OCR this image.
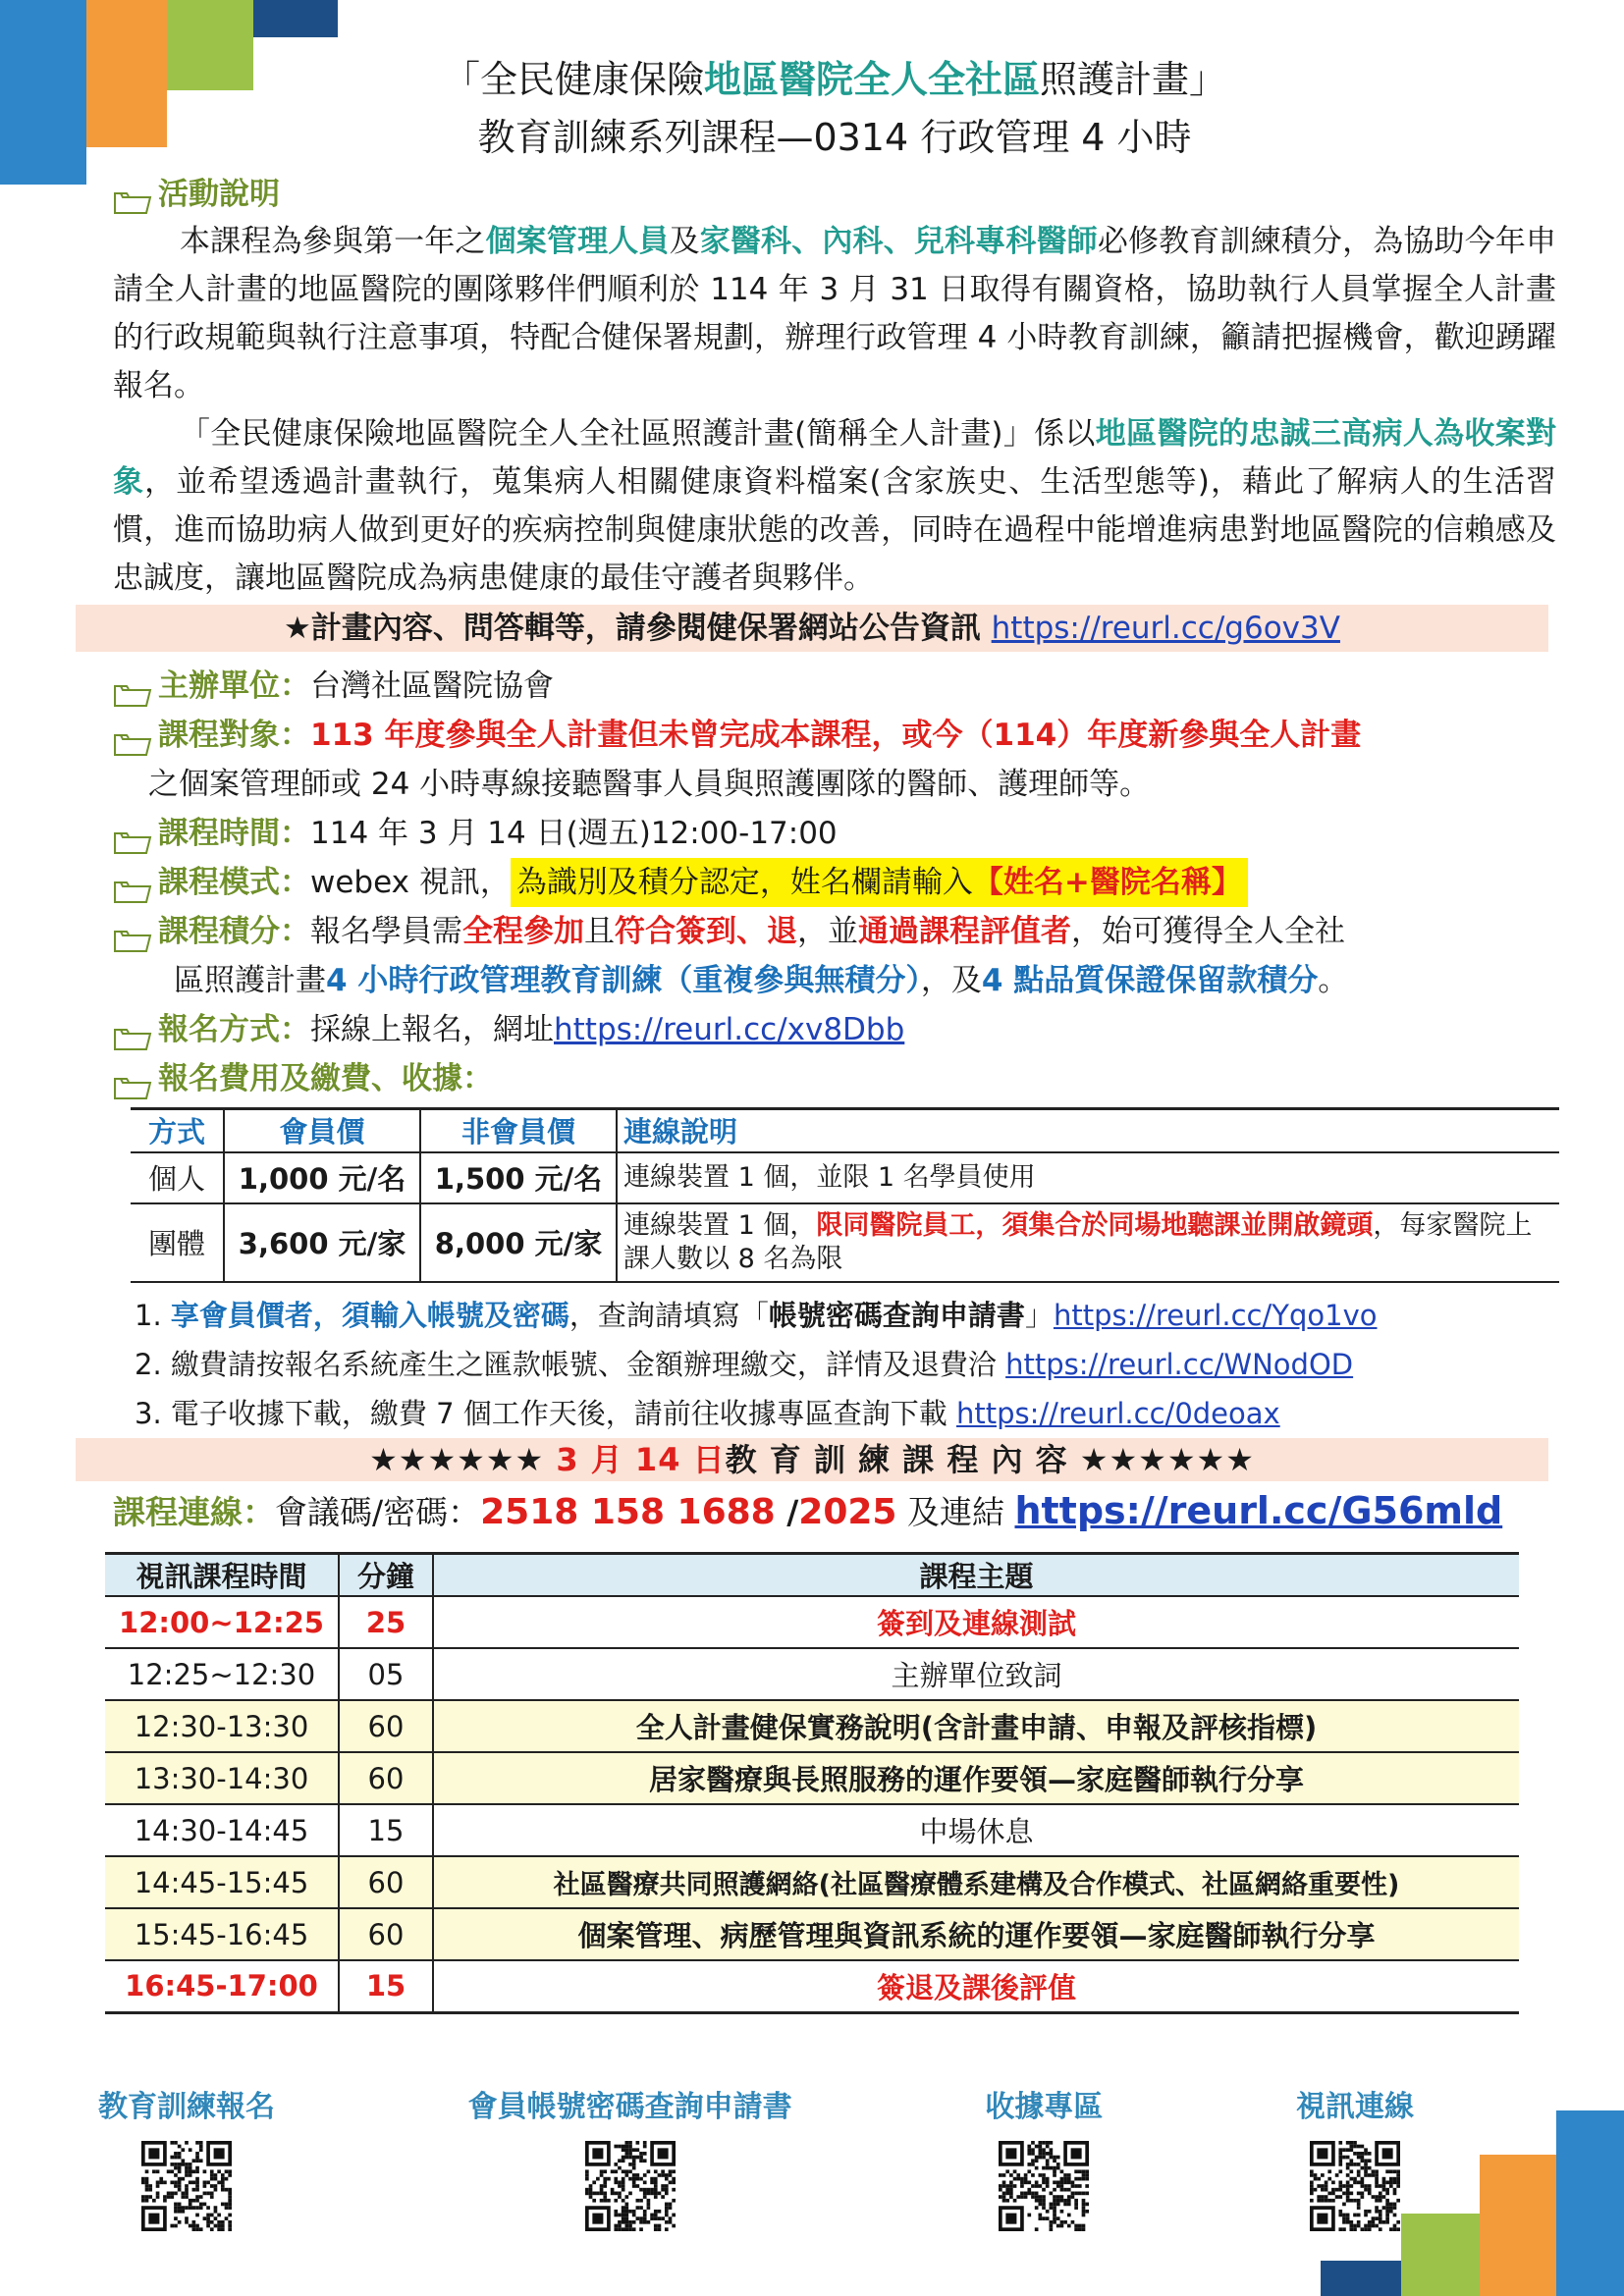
「全民健康保險地區醫院全人全社區照護計畫」
教育訓練系列課程—0314 行政管理 4 小時
活動說明

本課程為參與第一年之個案管理人員及家醫科、內科、兒科專科醫師必修教育訓練積分，為協助今年申請全人計畫的地區醫院的團隊夥伴們順利於 114 年 3 月 31 日取得有關資格，協助執行人員掌握全人計畫的行政規範與執行注意事項，特配合健保署規劃，辦理行政管理 4 小時教育訓練，籲請把握機會，歡迎踴躍報名。

「全民健康保險地區醫院全人全社區照護計畫(簡稱全人計畫)」係以地區醫院的忠誠三高病人為收案對象，並希望透過計畫執行，蒐集病人相關健康資料檔案(含家族史、生活型態等)，藉此了解病人的生活習慣，進而協助病人做到更好的疾病控制與健康狀態的改善，同時在過程中能增進病患對地區醫院的信賴感及忠誠度，讓地區醫院成為病患健康的最佳守護者與夥伴。

★計畫內容、問答輯等，請參閱健保署網站公告資訊 https://reurl.cc/g6ov3V
主辦單位： 台灣社區醫院協會
課程對象： 113 年度參與全人計畫但未曾完成本課程，或今（114）年度新參與全人計畫
之個案管理師或 24 小時專線接聽醫事人員與照護團隊的醫師、護理師等。
課程時間： 114 年 3 月 14 日(週五)12:00-17:00
課程模式： webex 視訊， 為識別及積分認定，姓名欄請輸入【姓名+醫院名稱】
課程積分： 報名學員需 全程參加 且 符合簽到、退 ，並 通過課程評值者 ，始可獲得全人全社
區照護計畫4 小時行政管理教育訓練（重複參與無積分），及4 點品質保證保留款積分。
報名方式： 採線上報名，網址 https://reurl.cc/xv8Dbb
報名費用及繳費、收據：
方式	會員價	非會員價	連線說明
個人	1,000 元/名	1,500 元/名	連線裝置 1 個，並限 1 名學員使用
團體	3,600 元/家	8,000 元/家	連線裝置 1 個，限同醫院員工，須集合於同場地聽課並開啟鏡頭，每家醫院上課人數以 8 名為限
1. 享會員價者，須輸入帳號及密碼，查詢請填寫「帳號密碼查詢申請書」https://reurl.cc/Yqo1vo
2. 繳費請按報名系統產生之匯款帳號、金額辦理繳交，詳情及退費洽 https://reurl.cc/WNodOD
3. 電子收據下載，繳費 7 個工作天後，請前往收據專區查詢下載 https://reurl.cc/0deoax
★★★★★★ 3 月 14 日教 育 訓 練 課 程 內 容 ★★★★★★
課程連線：會議碼/密碼：2518 158 1688 /2025 及連結 https://reurl.cc/G56mld
視訊課程時間	分鐘	課程主題
12:00~12:25	25	簽到及連線測試
12:25~12:30	05	主辦單位致詞
12:30-13:30	60	全人計畫健保實務說明(含計畫申請、申報及評核指標)
13:30-14:30	60	居家醫療與長照服務的運作要領—家庭醫師執行分享
14:30-14:45	15	中場休息
14:45-15:45	60	社區醫療共同照護網絡(社區醫療體系建構及合作模式、社區網絡重要性)
15:45-16:45	60	個案管理、病歷管理與資訊系統的運作要領—家庭醫師執行分享
16:45-17:00	15	簽退及課後評值
教育訓練報名	會員帳號密碼查詢申請書	收據專區	視訊連線
